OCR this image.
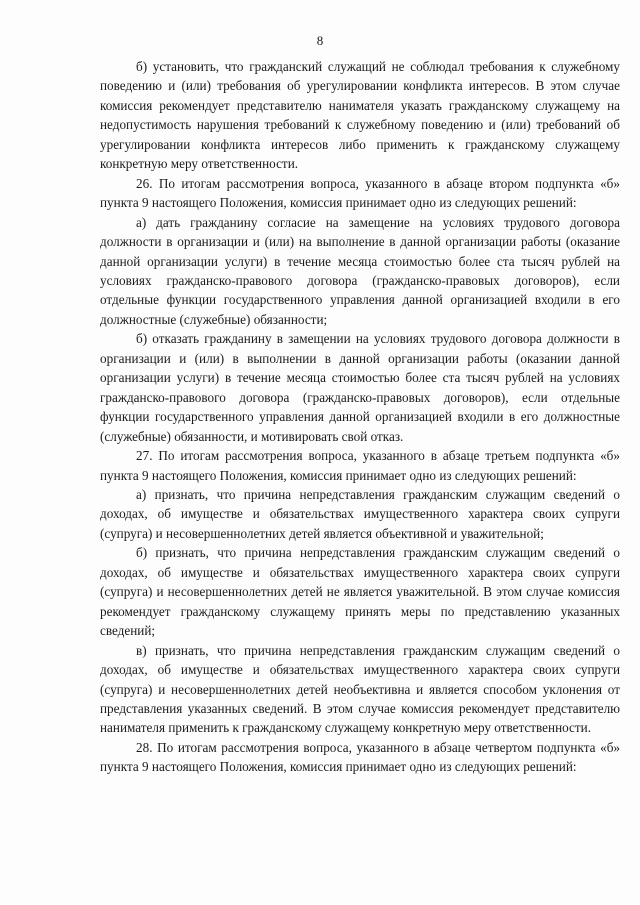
8

б) установить, что гражданский служащий не соблюдал требования к служебному поведению и (или) требования об урегулировании конфликта интересов. В этом случае комиссия рекомендует представителю нанимателя указать гражданскому служащему на недопустимость нарушения требований к служебному поведению и (или) требований об урегулировании конфликта интересов либо применить к гражданскому служащему конкретную меру ответственности.

26. По итогам рассмотрения вопроса, указанного в абзаце втором подпункта «б» пункта 9 настоящего Положения, комиссия принимает одно из следующих решений:

а) дать гражданину согласие на замещение на условиях трудового договора должности в организации и (или) на выполнение в данной организации работы (оказание данной организации услуги) в течение месяца стоимостью более ста тысяч рублей на условиях гражданско-правового договора (гражданско-правовых договоров), если отдельные функции государственного управления данной организацией входили в его должностные (служебные) обязанности;

б) отказать гражданину в замещении на условиях трудового договора должности в организации и (или) в выполнении в данной организации работы (оказании данной организации услуги) в течение месяца стоимостью более ста тысяч рублей на условиях гражданско-правового договора (гражданско-правовых договоров), если отдельные функции государственного управления данной организацией входили в его должностные (служебные) обязанности, и мотивировать свой отказ.

27. По итогам рассмотрения вопроса, указанного в абзаце третьем подпункта «б» пункта 9 настоящего Положения, комиссия принимает одно из следующих решений:

а) признать, что причина непредставления гражданским служащим сведений о доходах, об имуществе и обязательствах имущественного характера своих супруги (супруга) и несовершеннолетних детей является объективной и уважительной;

б) признать, что причина непредставления гражданским служащим сведений о доходах, об имуществе и обязательствах имущественного характера своих супруги (супруга) и несовершеннолетних детей не является уважительной. В этом случае комиссия рекомендует гражданскому служащему принять меры по представлению указанных сведений;

в) признать, что причина непредставления гражданским служащим сведений о доходах, об имуществе и обязательствах имущественного характера своих супруги (супруга) и несовершеннолетних детей необъективна и является способом уклонения от представления указанных сведений. В этом случае комиссия рекомендует представителю нанимателя применить к гражданскому служащему конкретную меру ответственности.

28. По итогам рассмотрения вопроса, указанного в абзаце четвертом подпункта «б» пункта 9 настоящего Положения, комиссия принимает одно из следующих решений:
